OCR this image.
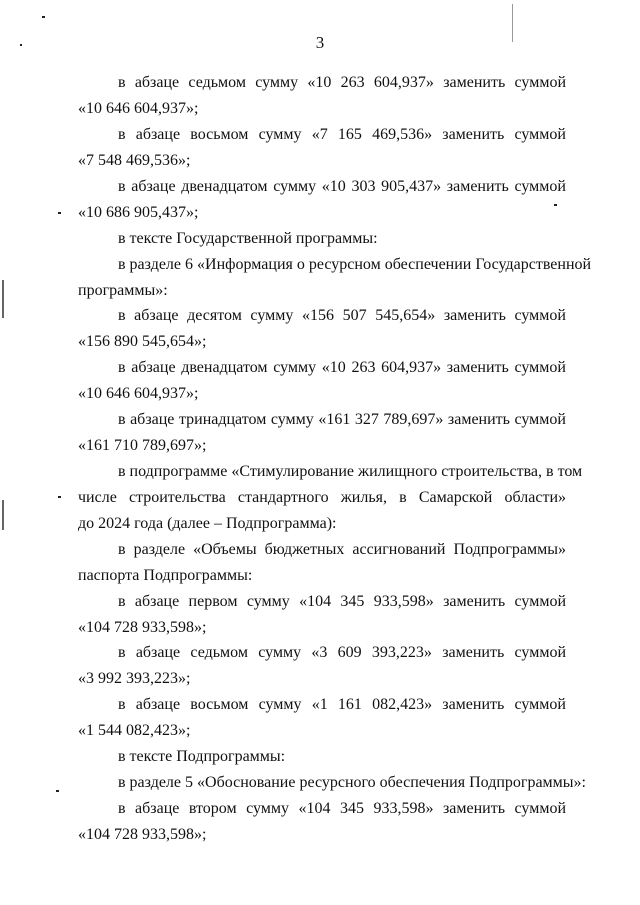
3
в абзаце седьмом сумму «10 263 604,937» заменить суммой
«10 646 604,937»;
в абзаце восьмом сумму «7 165 469,536» заменить суммой
«7 548 469,536»;
в абзаце двенадцатом сумму «10 303 905,437» заменить суммой
«10 686 905,437»;
в тексте Государственной программы:
в разделе 6 «Информация о ресурсном обеспечении Государственной
программы»:
в абзаце десятом сумму «156 507 545,654» заменить суммой
«156 890 545,654»;
в абзаце двенадцатом сумму «10 263 604,937» заменить суммой
«10 646 604,937»;
в абзаце тринадцатом сумму «161 327 789,697» заменить суммой
«161 710 789,697»;
в подпрограмме «Стимулирование жилищного строительства, в том
числе строительства стандартного жилья, в Самарской области»
до 2024 года (далее – Подпрограмма):
в разделе «Объемы бюджетных ассигнований Подпрограммы»
паспорта Подпрограммы:
в абзаце первом сумму «104 345 933,598» заменить суммой
«104 728 933,598»;
в абзаце седьмом сумму «3 609 393,223» заменить суммой
«3 992 393,223»;
в абзаце восьмом сумму «1 161 082,423» заменить суммой
«1 544 082,423»;
в тексте Подпрограммы:
в разделе 5 «Обоснование ресурсного обеспечения Подпрограммы»:
в абзаце втором сумму «104 345 933,598» заменить суммой
«104 728 933,598»;
